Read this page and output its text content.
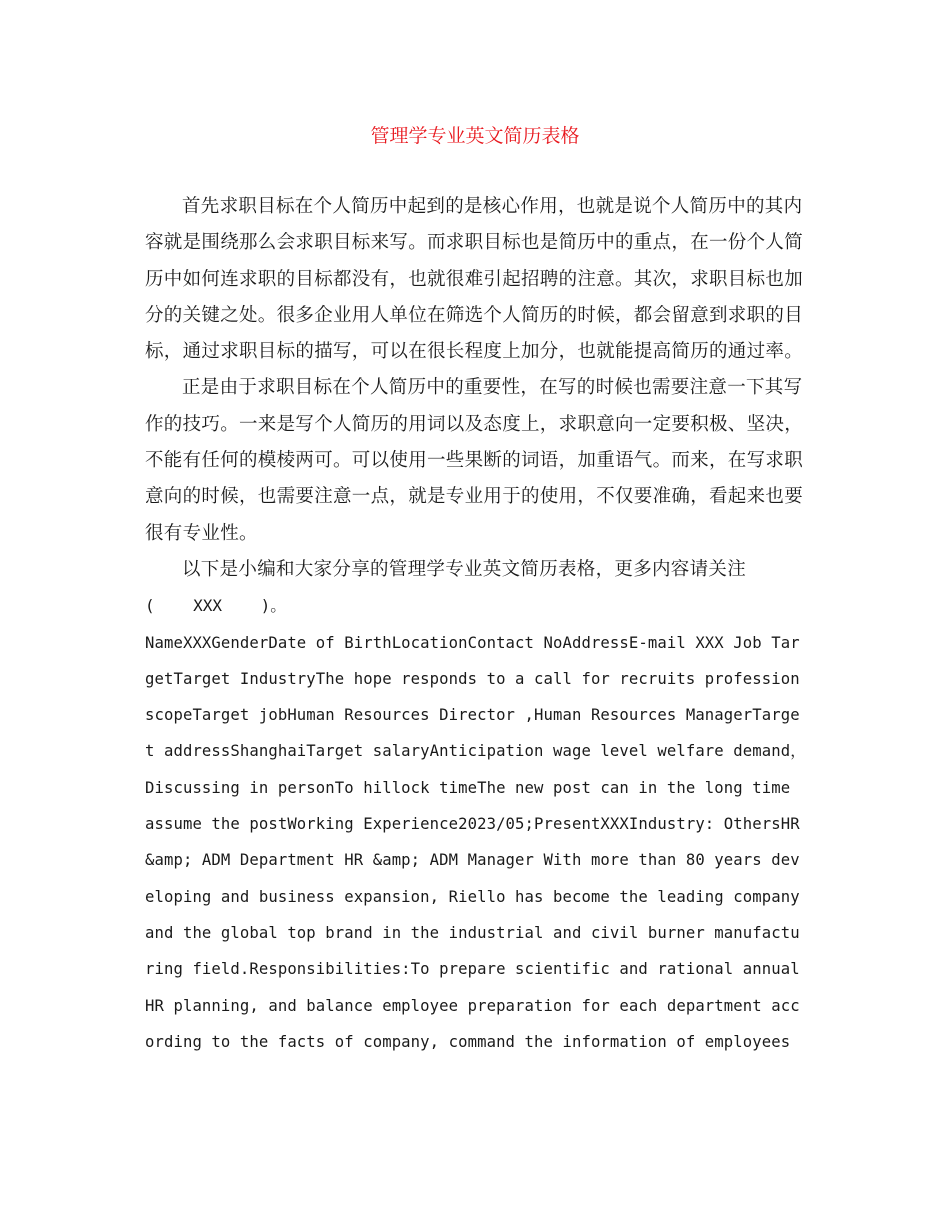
管理学专业英文简历表格

首先求职目标在个人简历中起到的是核心作用，也就是说个人简历中的其内容就是围绕那么会求职目标来写。而求职目标也是简历中的重点，在一份个人简历中如何连求职的目标都没有，也就很难引起招聘的注意。其次，求职目标也加分的关键之处。很多企业用人单位在筛选个人简历的时候，都会留意到求职的目标，通过求职目标的描写，可以在很长程度上加分，也就能提高简历的通过率。

正是由于求职目标在个人简历中的重要性，在写的时候也需要注意一下其写作的技巧。一来是写个人简历的用词以及态度上，求职意向一定要积极、坚决，不能有任何的模棱两可。可以使用一些果断的词语，加重语气。而来，在写求职意向的时候，也需要注意一点，就是专业用于的使用，不仅要准确，看起来也要很有专业性。

以下是小编和大家分享的管理学专业英文简历表格，更多内容请关注

(    XXX    )。

NameXXXGenderDate of BirthLocationContact NoAddressE-mail XXX Job TargetTarget IndustryThe hope responds to a call for recruits profession scopeTarget jobHuman Resources Director ,Human Resources ManagerTarget addressShanghaiTarget salaryAnticipation wage level welfare demand，Discussing in personTo hillock timeThe new post can in the long time assume the postWorking Experience2023/05;PresentXXXIndustry: OthersHR &amp; ADM Department HR &amp; ADM Manager With more than 80 years developing and business expansion, Riello has become the leading company and the global top brand in the industrial and civil burner manufacturing field.Responsibilities:To prepare scientific and rational annual HR planning, and balance employee preparation for each department according to the facts of company, command the information of employees
